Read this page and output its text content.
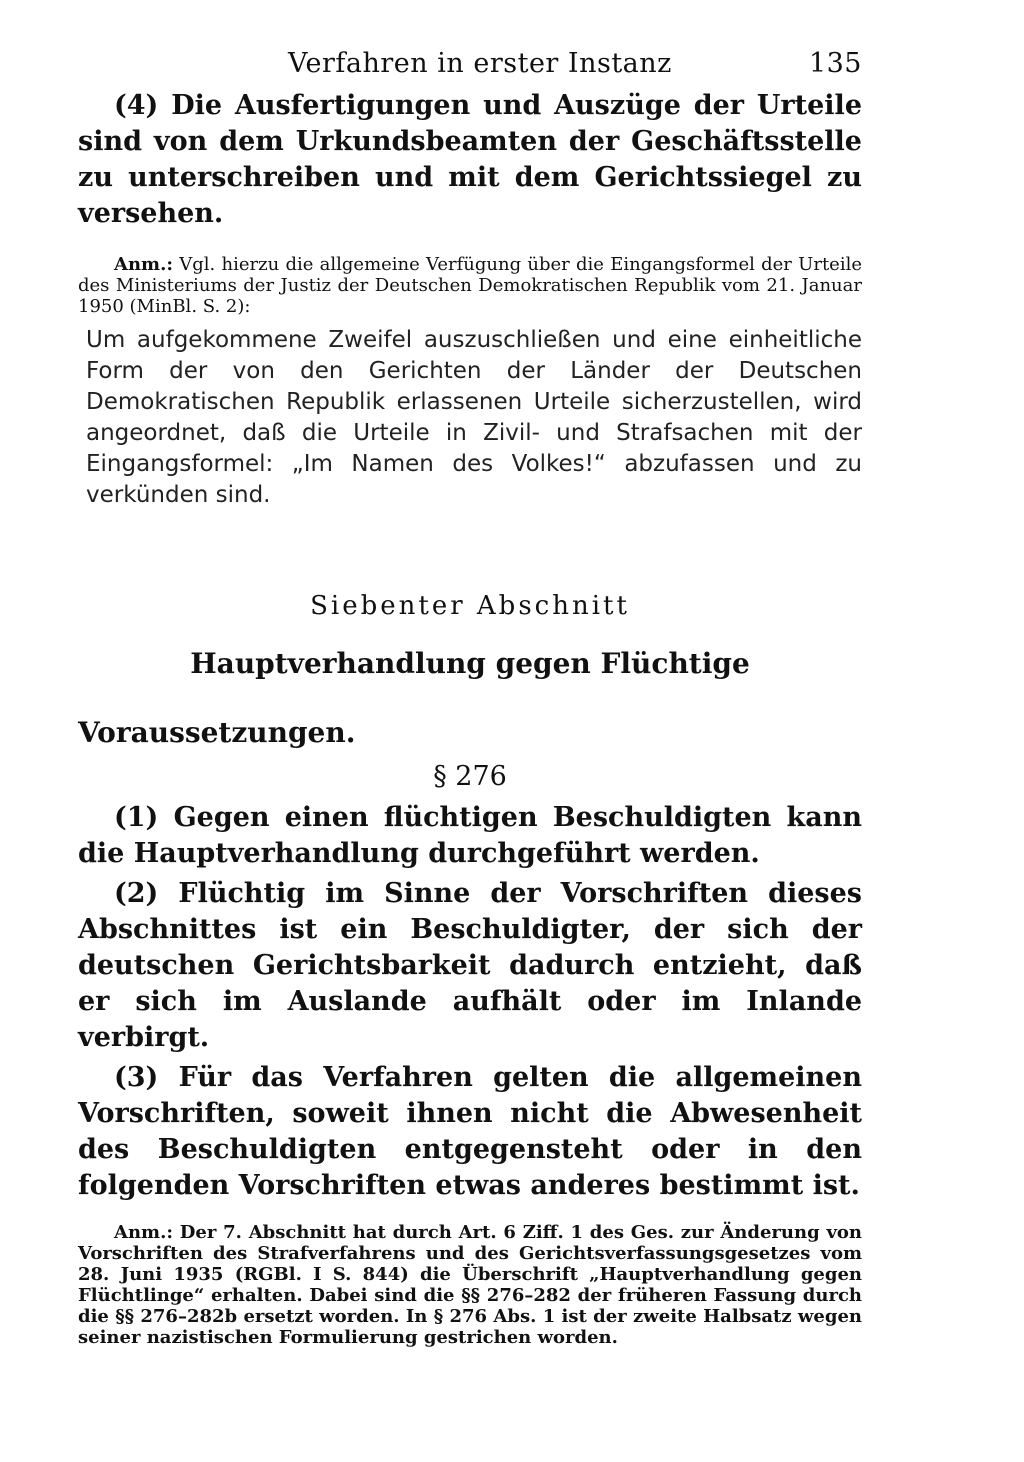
Verfahren in erster Instanz	135

(4) Die Ausfertigungen und Auszüge der Urteile sind von dem Urkundsbeamten der Geschäftsstelle zu unterschreiben und mit dem Gerichtssiegel zu versehen.

Anm.: Vgl. hierzu die allgemeine Verfügung über die Eingangsformel der Urteile des Ministeriums der Justiz der Deutschen Demokratischen Republik vom 21. Januar 1950 (MinBl. S. 2):

Um aufgekommene Zweifel auszuschließen und eine einheitliche Form der von den Gerichten der Länder der Deutschen Demokratischen Republik erlassenen Urteile sicherzustellen, wird angeordnet, daß die Urteile in Zivil- und Strafsachen mit der Eingangsformel: „Im Namen des Volkes!“ abzufassen und zu verkünden sind.

Siebenter Abschnitt
Hauptverhandlung gegen Flüchtige
Voraussetzungen.
§ 276

(1) Gegen einen flüchtigen Beschuldigten kann die Hauptverhandlung durchgeführt werden.

(2) Flüchtig im Sinne der Vorschriften dieses Abschnittes ist ein Beschuldigter, der sich der deutschen Gerichtsbarkeit dadurch entzieht, daß er sich im Auslande aufhält oder im Inlande verbirgt.

(3) Für das Verfahren gelten die allgemeinen Vorschriften, soweit ihnen nicht die Abwesenheit des Beschuldigten entgegensteht oder in den folgenden Vorschriften etwas anderes bestimmt ist.

Anm.: Der 7. Abschnitt hat durch Art. 6 Ziff. 1 des Ges. zur Änderung von Vorschriften des Strafverfahrens und des Gerichtsverfassungsgesetzes vom 28. Juni 1935 (RGBl. I S. 844) die Überschrift „Hauptverhandlung gegen Flüchtlinge“ erhalten. Dabei sind die §§ 276–282 der früheren Fassung durch die §§ 276–282b ersetzt worden. In § 276 Abs. 1 ist der zweite Halbsatz wegen seiner nazistischen Formulierung gestrichen worden.
